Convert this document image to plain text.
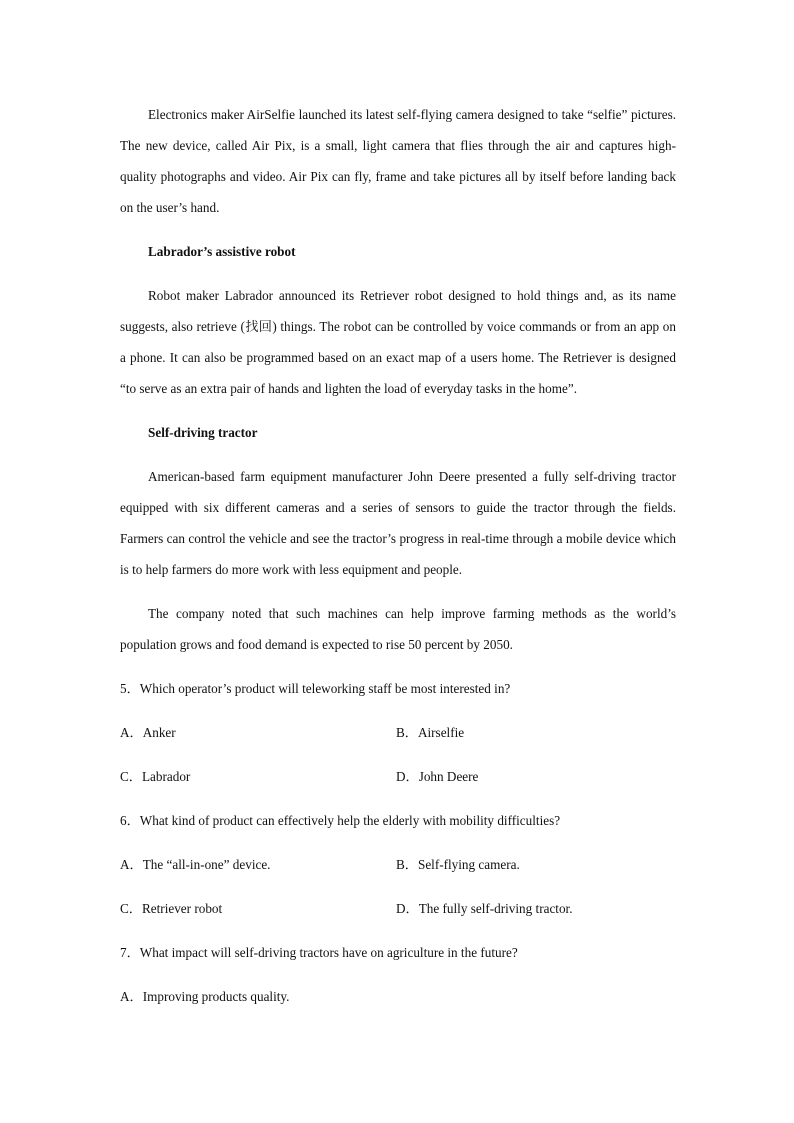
Electronics maker AirSelfie launched its latest self-flying camera designed to take “selfie” pictures. The new device, called Air Pix, is a small, light camera that flies through the air and captures high-quality photographs and video. Air Pix can fly, frame and take pictures all by itself before landing back on the user’s hand.

Labrador’s assistive robot

Robot maker Labrador announced its Retriever robot designed to hold things and, as its name suggests, also retrieve (找回) things. The robot can be controlled by voice commands or from an app on a phone. It can also be programmed based on an exact map of a users home. The Retriever is designed “to serve as an extra pair of hands and lighten the load of everyday tasks in the home”.

Self-driving tractor

American-based farm equipment manufacturer John Deere presented a fully self-driving tractor equipped with six different cameras and a series of sensors to guide the tractor through the fields. Farmers can control the vehicle and see the tractor’s progress in real-time through a mobile device which is to help farmers do more work with less equipment and people.

The company noted that such machines can help improve farming methods as the world’s population grows and food demand is expected to rise 50 percent by 2050.

5．Which operator’s product will teleworking staff be most interested in?

A．Anker	B．Airselfie
C．Labrador	D．John Deere

6．What kind of product can effectively help the elderly with mobility difficulties?

A．The “all-in-one” device.	B．Self-flying camera.
C．Retriever robot	D．The fully self-driving tractor.

7．What impact will self-driving tractors have on agriculture in the future?

A．Improving products quality.
